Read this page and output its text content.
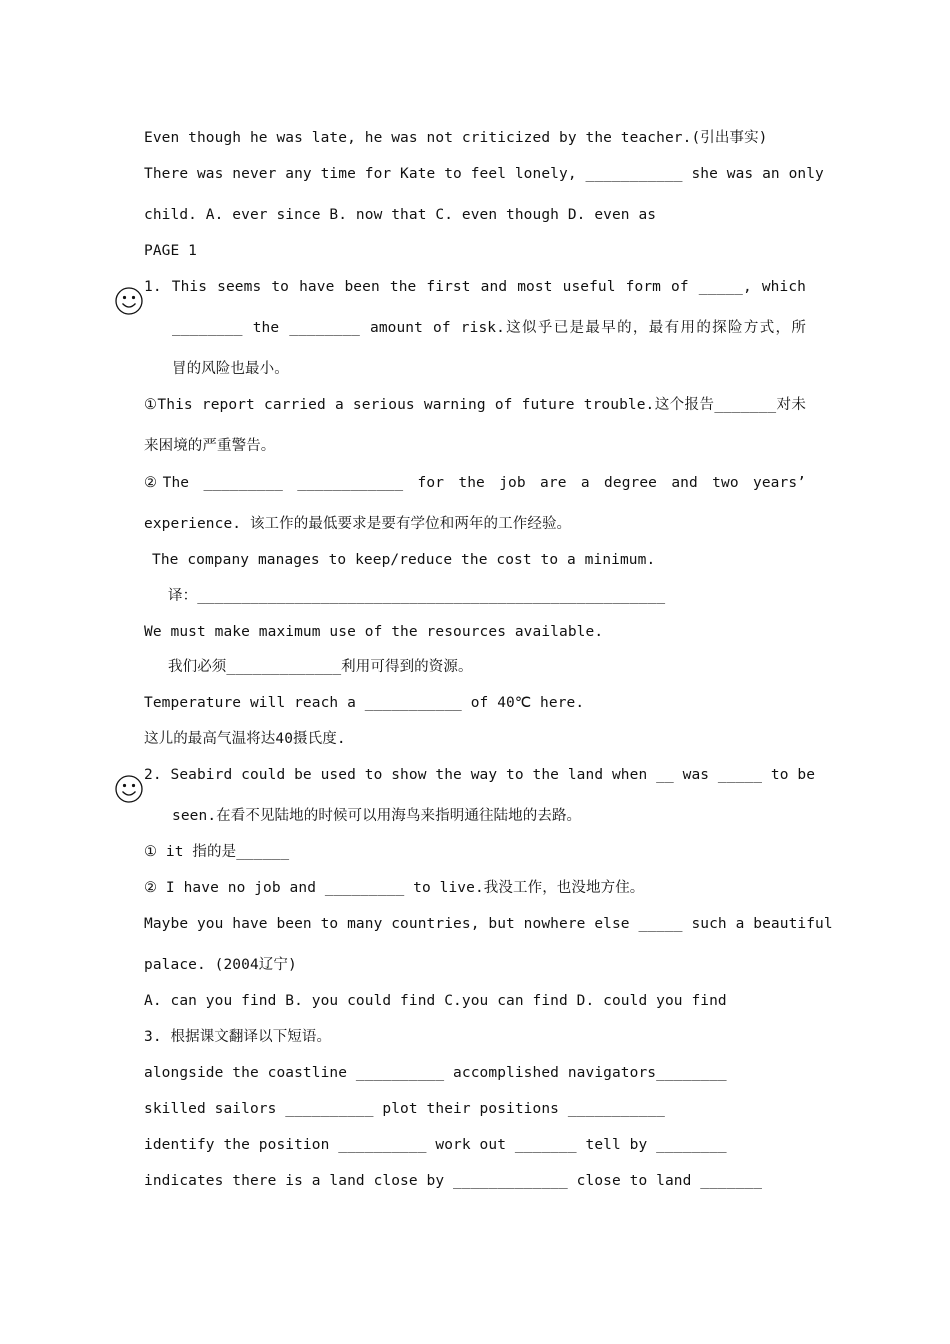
Even though he was late, he was not criticized by the teacher.(引出事实)
There was never any time for Kate to feel lonely, ___________ she was an only
child. A. ever since B. now that C. even though D. even as
PAGE 1
1. This seems to have been the first and most useful form of _____, which
________ the ________ amount of risk.这似乎已是最早的，最有用的探险方式，所
冒的风险也最小。
①This report carried a serious warning of future trouble.这个报告_______对未
来困境的严重警告。
②The _________ ____________ for the job are a degree and two years’
experience. 该工作的最低要求是要有学位和两年的工作经验。
The company manages to keep/reduce the cost to a minimum.
译：_____________________________________________________
We must make maximum use of the resources available.
我们必须_____________利用可得到的资源。
Temperature will reach a ___________ of 40℃ here.
这儿的最高气温将达40摄氏度.
2. Seabird could be used to show the way to the land when __ was _____ to be
seen.在看不见陆地的时候可以用海鸟来指明通往陆地的去路。
① it 指的是______
② I have no job and _________ to live.我没工作，也没地方住。
Maybe you have been to many countries, but nowhere else _____ such a beautiful
palace. (2004辽宁)
A. can you find B. you could find C.you can find D. could you find
3. 根据课文翻译以下短语。
alongside the coastline __________ accomplished navigators________
skilled sailors __________ plot their positions ___________
identify the position __________ work out _______ tell by ________
indicates there is a land close by _____________ close to land _______
